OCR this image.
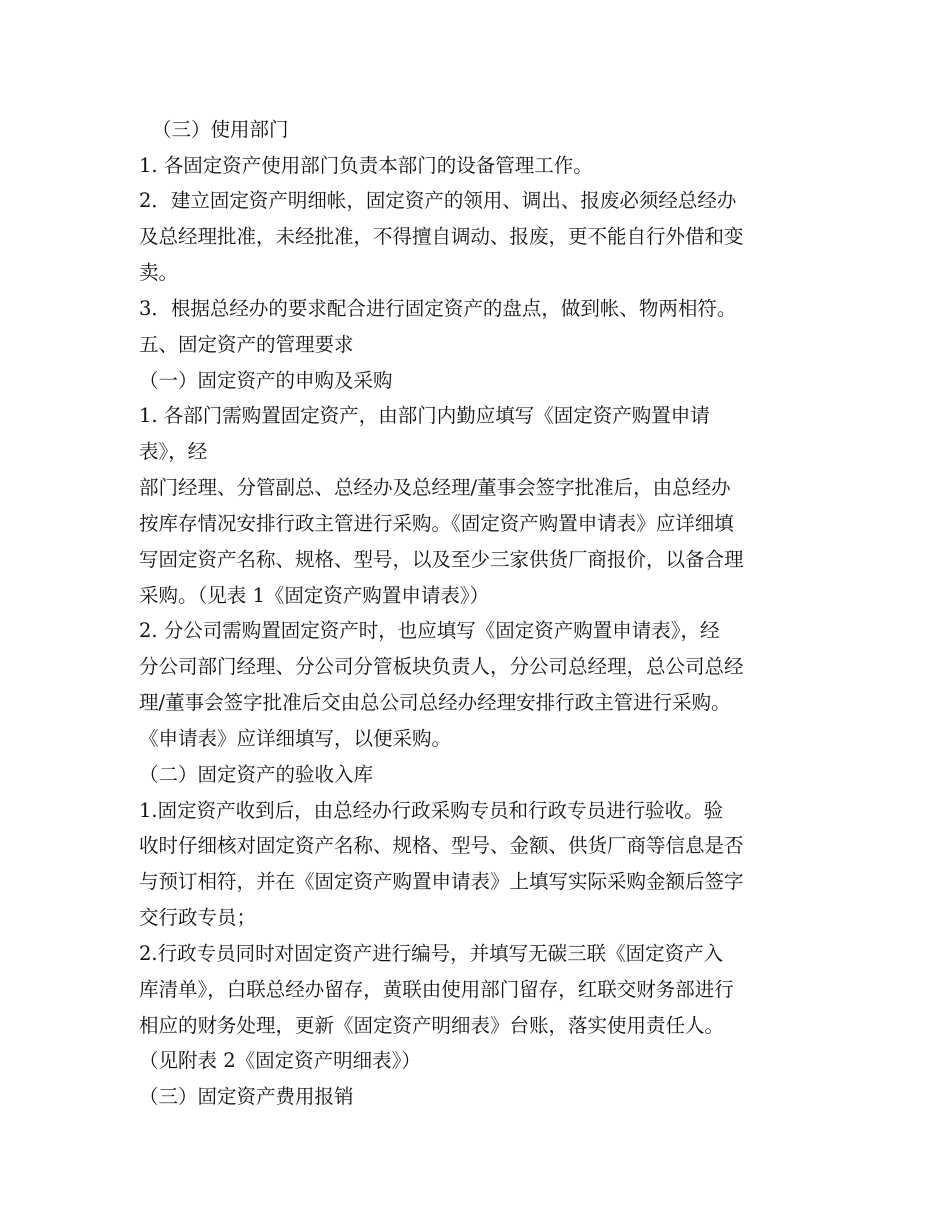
（三）使用部门
1. 各固定资产使用部门负责本部门的设备管理工作。
2．建立固定资产明细帐，固定资产的领用、调出、报废必须经总经办
及总经理批准，未经批准，不得擅自调动、报废，更不能自行外借和变
卖。
3．根据总经办的要求配合进行固定资产的盘点，做到帐、物两相符。
五、固定资产的管理要求
（一）固定资产的申购及采购
1. 各部门需购置固定资产，由部门内勤应填写《固定资产购置申请
表》，经
部门经理、分管副总、总经办及总经理/董事会签字批准后，由总经办
按库存情况安排行政主管进行采购。《固定资产购置申请表》应详细填
写固定资产名称、规格、型号，以及至少三家供货厂商报价，以备合理
采购。（见表 1《固定资产购置申请表》）
2. 分公司需购置固定资产时，也应填写《固定资产购置申请表》，经
分公司部门经理、分公司分管板块负责人，分公司总经理，总公司总经
理/董事会签字批准后交由总公司总经办经理安排行政主管进行采购。
《申请表》应详细填写，以便采购。
（二）固定资产的验收入库
1.固定资产收到后，由总经办行政采购专员和行政专员进行验收。验
收时仔细核对固定资产名称、规格、型号、金额、供货厂商等信息是否
与预订相符，并在《固定资产购置申请表》上填写实际采购金额后签字
交行政专员；
2.行政专员同时对固定资产进行编号，并填写无碳三联《固定资产入
库清单》，白联总经办留存，黄联由使用部门留存，红联交财务部进行
相应的财务处理，更新《固定资产明细表》台账，落实使用责任人。
（见附表 2《固定资产明细表》）
（三）固定资产费用报销
